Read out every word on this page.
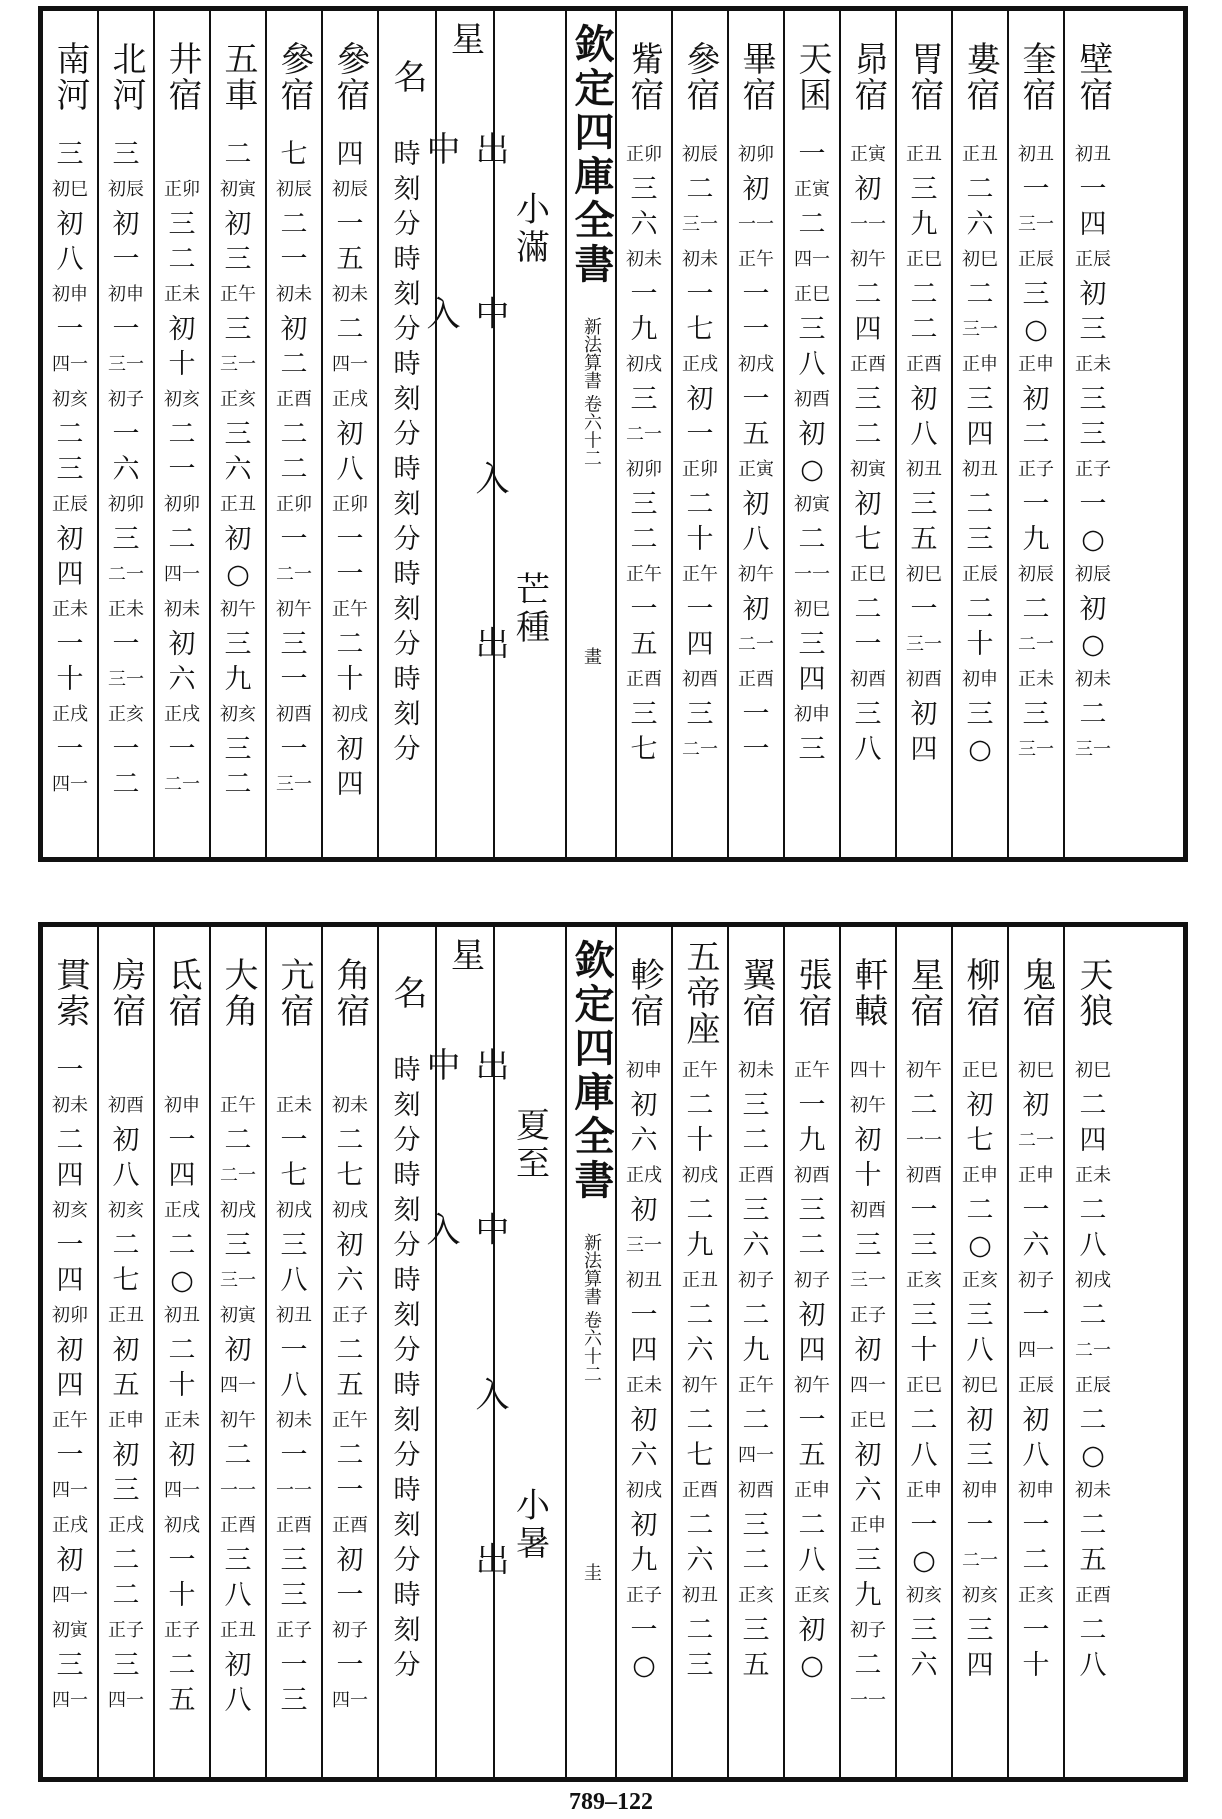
南河
三
初巳
初
八
初申
一
四一
初亥
二
三
正辰
初
四
正未
一
十
正戌
一
四一
北河
三
初辰
初
一
初申
一
三一
初子
一
六
初卯
三
二一
正未
一
三一
正亥
一
二
井宿
正卯
三
二
正未
初
十
初亥
二
一
初卯
二
四一
初未
初
六
正戌
一
二一
五車
二
初寅
初
三
正午
三
三一
正亥
三
六
正丑
初
○
初午
三
九
初亥
三
二
參宿
七
初辰
二
一
初未
初
二
正酉
二
二
正卯
一
二一
初午
三
一
初酉
一
三一
參宿
四
初辰
一
五
初未
二
四一
正戌
初
八
正卯
一
一
正午
二
十
初戌
初
四
名
時
刻
分
時
刻
分
時
刻
分
時
刻
分
時
刻
分
時
刻
分
星
出 中 入 出 中 入	小滿
芒種
欽定四庫全書
新法算書 卷六十二
畫
觜宿
正卯
三
六
初未
一
九
初戌
三
二一
初卯
三
二
正午
一
五
正酉
三
七
參宿
初辰
二
三一
初未
一
七
正戌
初
一
正卯
二
十
正午
一
四
初酉
三
二一
畢宿
初卯
初
一一
正午
一
一
初戌
一
五
正寅
初
八
初午
初
二一
正酉
一
一
天囷
一
正寅
二
四一
正巳
三
八
初酉
初
○
初寅
二
一一
初巳
三
四
初申
三
昴宿
正寅
初
一一
初午
二
四
正酉
三
二
初寅
初
七
正巳
二
一
初酉
三
八
胃宿
正丑
三
九
正巳
二
二
正酉
初
八
初丑
三
五
初巳
一
三一
初酉
初
四
婁宿
正丑
二
六
初巳
二
三一
正申
三
四
初丑
二
三
正辰
二
十
初申
三
○
奎宿
初丑
一
三一
正辰
三
○
正申
初
二
正子
一
九
初辰
二
二一
正未
三
三一
壁宿
初丑
一
四
正辰
初
三
正未
三
三
正子
一
○
初辰
初
○
初未
二
三一
貫索
一
初未
二
四
初亥
一
四
初卯
初
四
正午
一
四一
正戌
初
四一
初寅
三
四一
房宿
初酉
初
八
初亥
二
七
正丑
初
五
正申
初
三
正戌
二
二
正子
三
四一
氐宿
初申
一
四
正戌
二
○
初丑
二
十
正未
初
四一
初戌
一
十
正子
二
五
大角
正午
二
二一
初戌
三
三一
初寅
初
四一
初午
二
一一
正酉
三
八
正丑
初
八
亢宿
正未
一
七
初戌
三
八
初丑
一
八
初未
一
一一
正酉
三
三
正子
一
三
角宿
初未
二
七
初戌
初
六
正子
二
五
正午
二
一
正酉
初
一
初子
一
四一
名
時
刻
分
時
刻
分
時
刻
分
時
刻
分
時
刻
分
時
刻
分
星
出 中 入 出 中 入	夏至
小暑
欽定四庫全書
新法算書 卷六十二
圭
軫宿
初申
初
六
正戌
初
三一
初丑
一
四
正未
初
六
初戌
初
九
正子
一
○
五帝座
正午
二
十
初戌
二
九
正丑
二
六
初午
二
七
正酉
二
六
初丑
二
三
翼宿
初未
三
二
正酉
三
六
初子
二
九
正午
二
四一
初酉
三
二
正亥
三
五
張宿
正午
一
九
初酉
三
二
初子
初
四
初午
一
五
正申
二
八
正亥
初
○
軒轅
四十
初午
初
十
初酉
三
三一
正子
初
四一
正巳
初
六
正申
三
九
初子
二
一一
星宿
初午
二
一一
初酉
一
三
正亥
三
十
正巳
二
八
正申
一
○
初亥
三
六
柳宿
正巳
初
七
正申
二
○
正亥
三
八
初巳
初
三
初申
一
二一
初亥
三
四
鬼宿
初巳
初
二一
正申
一
六
初子
一
四一
正辰
初
八
初申
一
二
正亥
一
十
天狼
初巳
二
四
正未
二
八
初戌
二
二一
正辰
二
○
初未
二
五
正酉
二
八
789–122
